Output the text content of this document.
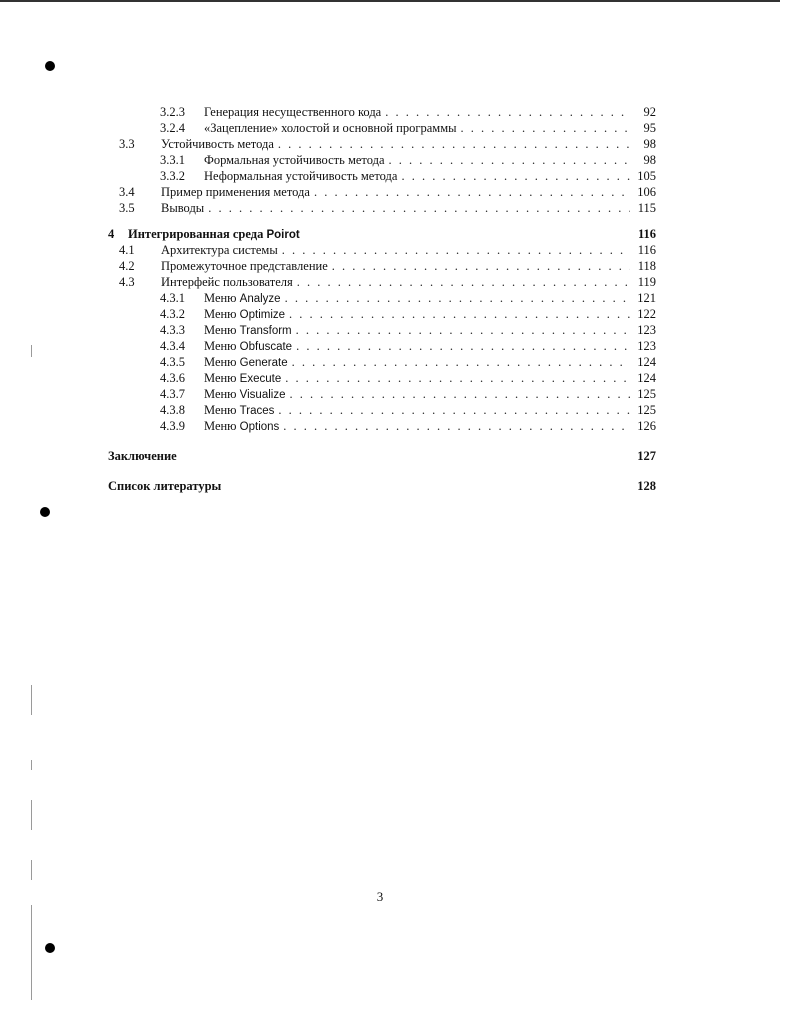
3.2.3	Генерация несущественного кода . . .	92
3.2.4	«Зацепление» холостой и основной программы . . .	95
3.3	Устойчивость метода . . .	98
3.3.1	Формальная устойчивость метода . . .	98
3.3.2	Неформальная устойчивость метода . . .	105
3.4	Пример применения метода . . .	106
3.5	Выводы . . .	115
4	Интегрированная среда Poirot	116
4.1	Архитектура системы . . .	116
4.2	Промежуточное представление . . .	118
4.3	Интерфейс пользователя . . .	119
4.3.1	Меню Analyze . . .	121
4.3.2	Меню Optimize . . .	122
4.3.3	Меню Transform . . .	123
4.3.4	Меню Obfuscate . . .	123
4.3.5	Меню Generate . . .	124
4.3.6	Меню Execute . . .	124
4.3.7	Меню Visualize . . .	125
4.3.8	Меню Traces . . .	125
4.3.9	Меню Options . . .	126
Заключение	127
Список литературы	128
3
